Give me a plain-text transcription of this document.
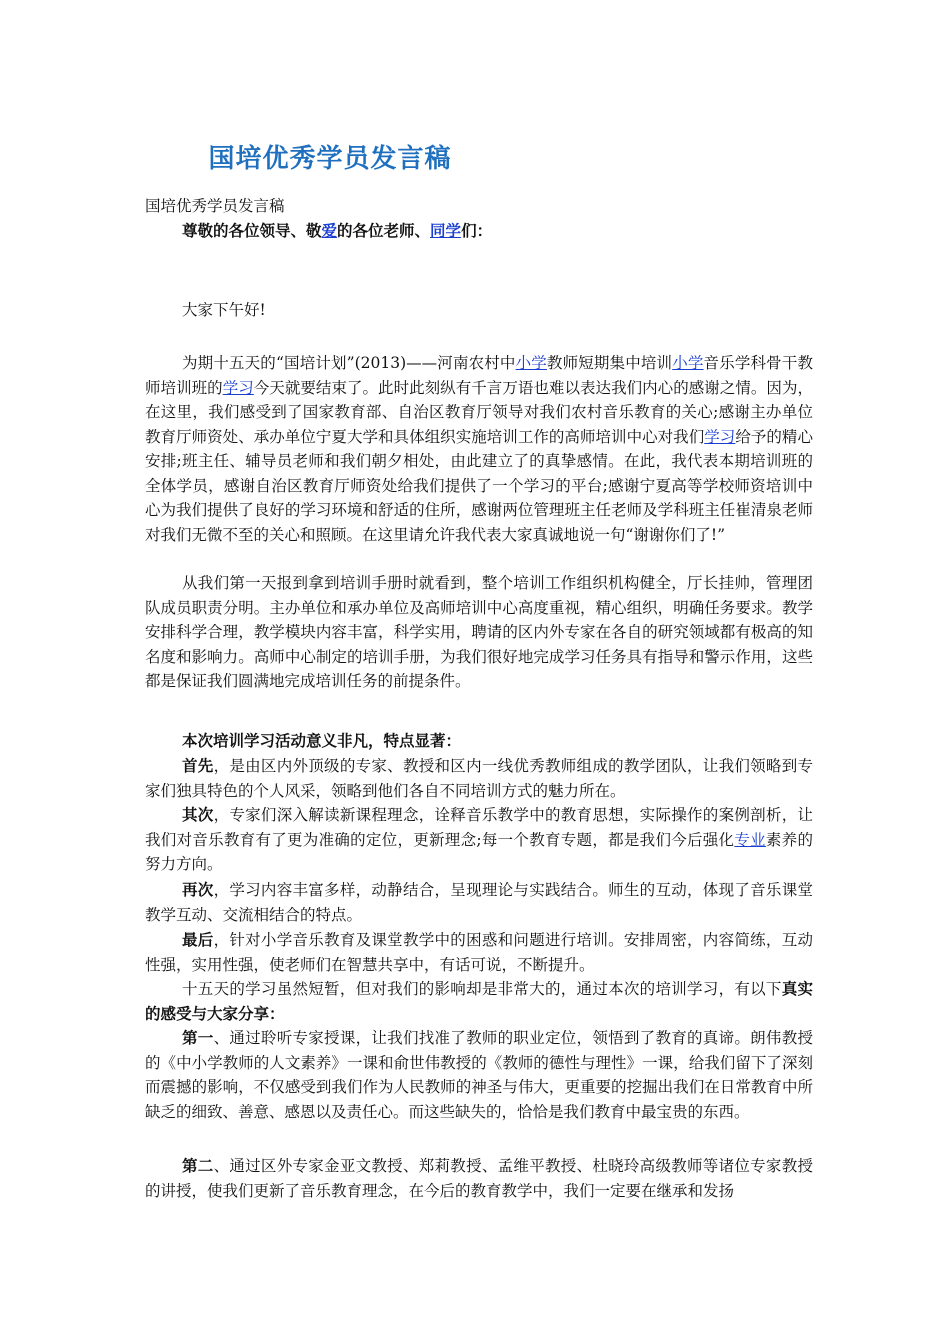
国培优秀学员发言稿

国培优秀学员发言稿

尊敬的各位领导、敬爱的各位老师、同学们：

大家下午好!

为期十五天的“国培计划”(2013)——河南农村中小学教师短期集中培训小学音乐学科骨干教师培训班的学习今天就要结束了。此时此刻纵有千言万语也难以表达我们内心的感谢之情。因为，在这里，我们感受到了国家教育部、自治区教育厅领导对我们农村音乐教育的关心;感谢主办单位教育厅师资处、承办单位宁夏大学和具体组织实施培训工作的高师培训中心对我们学习给予的精心安排;班主任、辅导员老师和我们朝夕相处，由此建立了的真挚感情。在此，我代表本期培训班的全体学员，感谢自治区教育厅师资处给我们提供了一个学习的平台;感谢宁夏高等学校师资培训中心为我们提供了良好的学习环境和舒适的住所，感谢两位管理班主任老师及学科班主任崔清泉老师对我们无微不至的关心和照顾。在这里请允许我代表大家真诚地说一句“谢谢你们了!”

从我们第一天报到拿到培训手册时就看到，整个培训工作组织机构健全，厅长挂帅，管理团队成员职责分明。主办单位和承办单位及高师培训中心高度重视，精心组织，明确任务要求。教学安排科学合理，教学模块内容丰富，科学实用，聘请的区内外专家在各自的研究领域都有极高的知名度和影响力。高师中心制定的培训手册，为我们很好地完成学习任务具有指导和警示作用，这些都是保证我们圆满地完成培训任务的前提条件。

本次培训学习活动意义非凡，特点显著：

首先，是由区内外顶级的专家、教授和区内一线优秀教师组成的教学团队，让我们领略到专家们独具特色的个人风采，领略到他们各自不同培训方式的魅力所在。

其次，专家们深入解读新课程理念，诠释音乐教学中的教育思想，实际操作的案例剖析，让我们对音乐教育有了更为准确的定位，更新理念;每一个教育专题，都是我们今后强化专业素养的努力方向。

再次，学习内容丰富多样，动静结合，呈现理论与实践结合。师生的互动，体现了音乐课堂教学互动、交流相结合的特点。

最后，针对小学音乐教育及课堂教学中的困惑和问题进行培训。安排周密，内容简练，互动性强，实用性强，使老师们在智慧共享中，有话可说，不断提升。

十五天的学习虽然短暂，但对我们的影响却是非常大的，通过本次的培训学习，有以下真实的感受与大家分享：

第一、通过聆听专家授课，让我们找准了教师的职业定位，领悟到了教育的真谛。朗伟教授的《中小学教师的人文素养》一课和俞世伟教授的《教师的德性与理性》一课，给我们留下了深刻而震撼的影响，不仅感受到我们作为人民教师的神圣与伟大，更重要的挖掘出我们在日常教育中所缺乏的细致、善意、感恩以及责任心。而这些缺失的，恰恰是我们教育中最宝贵的东西。

第二、通过区外专家金亚文教授、郑莉教授、孟维平教授、杜晓玲高级教师等诸位专家教授的讲授，使我们更新了音乐教育理念，在今后的教育教学中，我们一定要在继承和发扬
